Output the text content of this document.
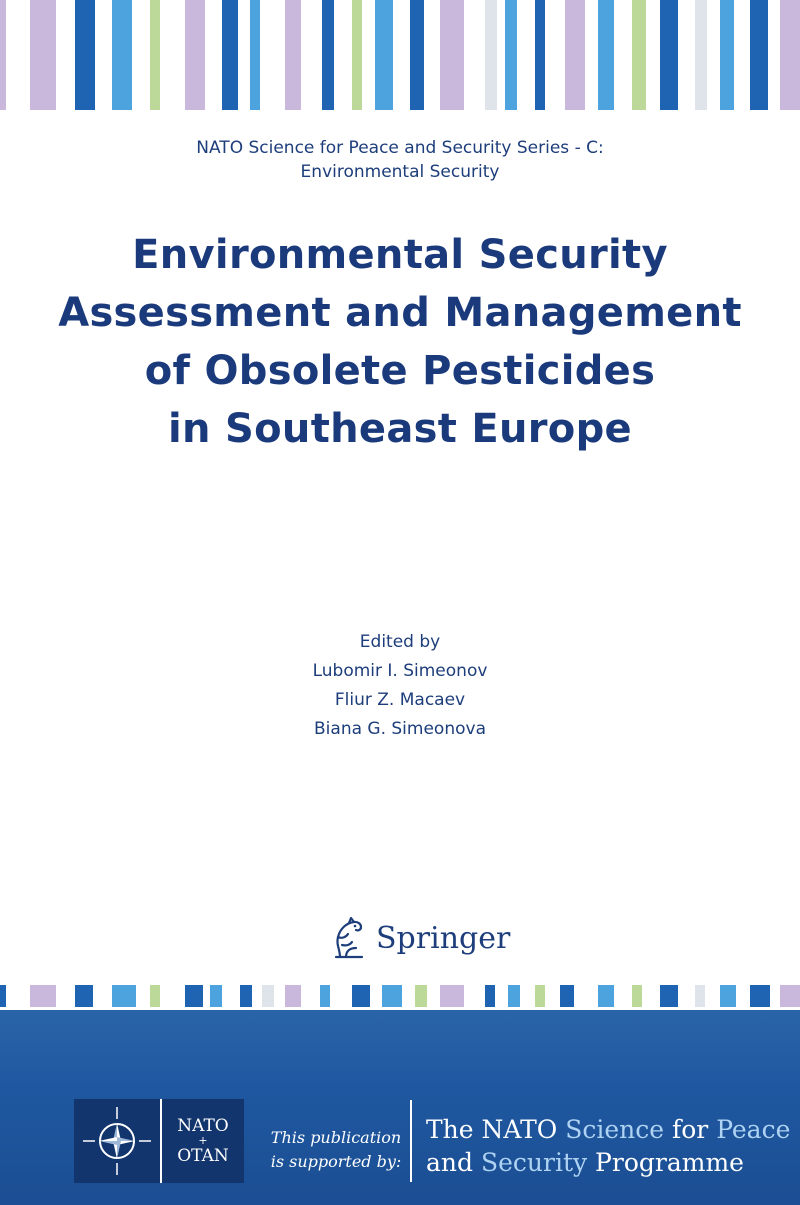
NATO Science for Peace and Security Series - C:
Environmental Security
Environmental Security
Assessment and Management
of Obsolete Pesticides
in Southeast Europe
Edited by
Lubomir I. Simeonov
Fliur Z. Macaev
Biana G. Simeonova
Springer
NATO
+
OTAN
This publication
is supported by:
The NATO Science for Peace
and Security Programme
